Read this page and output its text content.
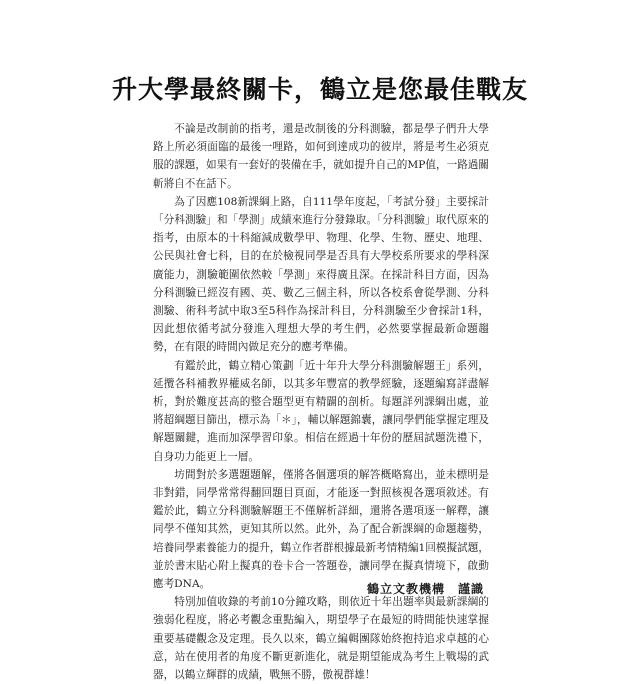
升大學最終關卡，鶴立是您最佳戰友

不論是改制前的指考，還是改制後的分科測驗，都是學子們升大學路上所必須面臨的最後一哩路，如何到達成功的彼岸，將是考生必須克服的課題，如果有一套好的裝備在手，就如提升自己的MP值，一路過關斬將自不在話下。

為了因應108新課綱上路，自111學年度起，「考試分發」主要採計「分科測驗」和「學測」成績來進行分發錄取。「分科測驗」取代原來的指考，由原本的十科縮減成數學甲、物理、化學、生物、歷史、地理、公民與社會七科，目的在於檢視同學是否具有大學校系所要求的學科深廣能力，測驗範圍依然較「學測」來得廣且深。在採計科目方面，因為分科測驗已經沒有國、英、數乙三個主科，所以各校系會從學測、分科測驗、術科考試中取3至5科作為採計科目，分科測驗至少會採計1科，因此想依循考試分發進入理想大學的考生們，必然要掌握最新命題趨勢，在有限的時間內做足充分的應考準備。

有鑑於此，鶴立精心策劃「近十年升大學分科測驗解題王」系列，延攬各科補教界權威名師，以其多年豐富的教學經驗，逐題編寫詳盡解析，對於難度甚高的整合題型更有精闢的剖析。每題詳列課綱出處，並將超綱題目篩出，標示為「＊」，輔以解題錦囊，讓同學們能掌握定理及解題關鍵，進而加深學習印象。相信在經過十年份的歷屆試題洗禮下，自身功力能更上一層。

坊間對於多選題題解，僅將各個選項的解答概略寫出，並未標明是非對錯，同學常常得翻回題目頁面，才能逐一對照核視各選項敘述。有鑑於此，鶴立分科測驗解題王不僅解析詳細，還將各選項逐一解釋，讓同學不僅知其然，更知其所以然。此外，為了配合新課綱的命題趨勢，培養同學素養能力的提升，鶴立作者群根據最新考情精編1回模擬試題，並於書末貼心附上擬真的卷卡合一答題卷，讓同學在擬真情境下，啟動應考DNA。

特別加值收錄的考前10分鐘攻略，則依近十年出題率與最新課綱的強弱化程度，將必考觀念重點編入，期望學子在最短的時間能快速掌握重要基礎觀念及定理。長久以來，鶴立編輯團隊始終抱持追求卓越的心意，站在使用者的角度不斷更新進化，就是期望能成為考生上戰場的武器，以鶴立輝群的成績，戰無不勝，傲視群雄！

鶴立文教機構　謹識
